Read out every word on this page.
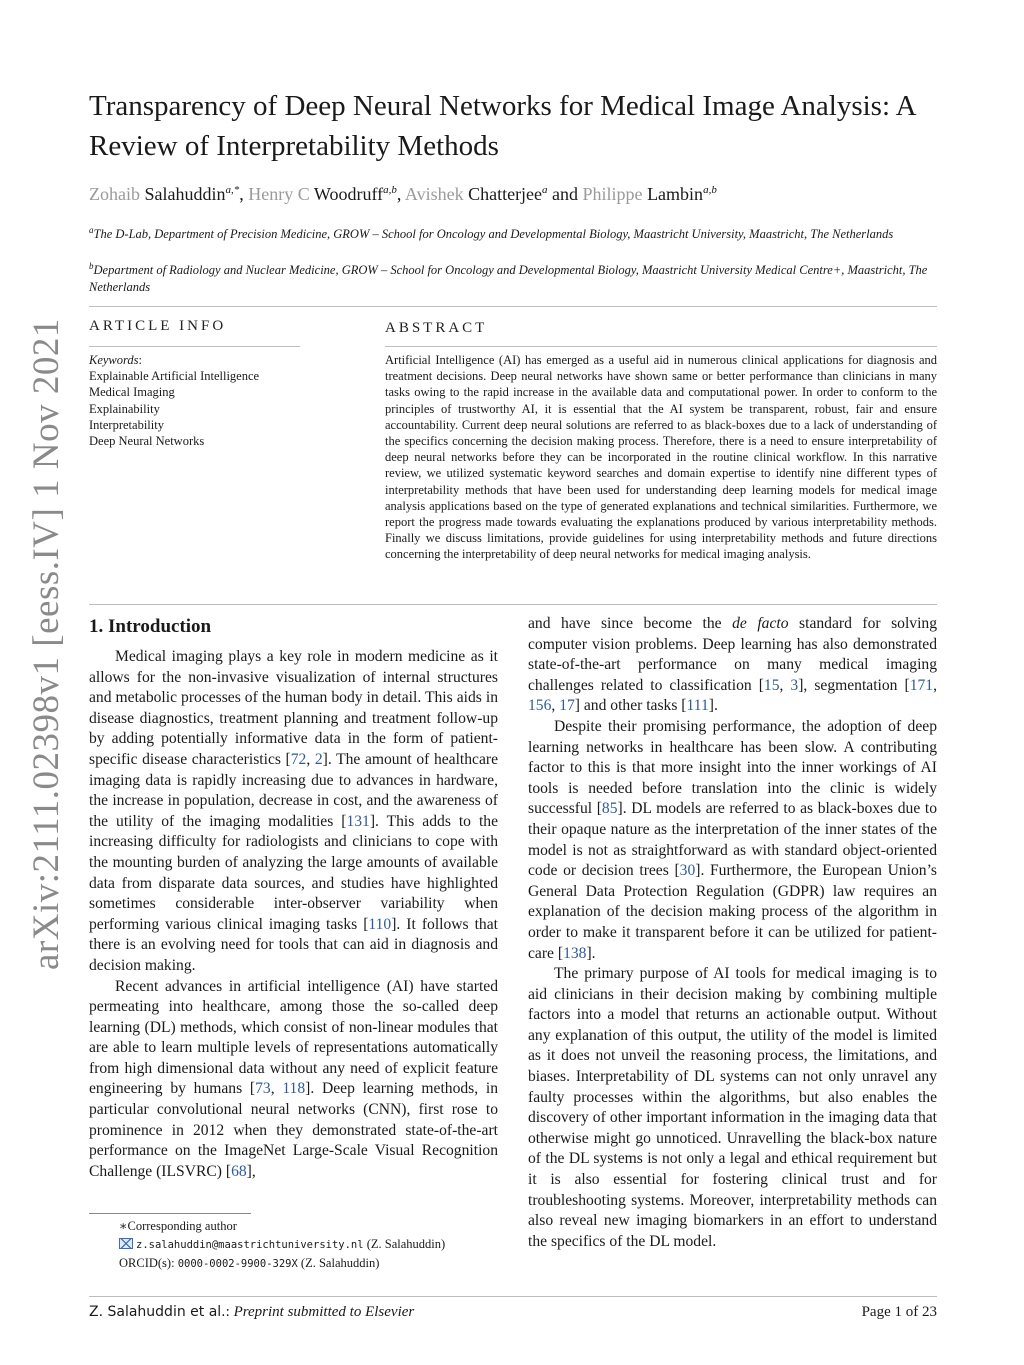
arXiv:2111.02398v1 [eess.IV] 1 Nov 2021
Transparency of Deep Neural Networks for Medical Image Analysis: A Review of Interpretability Methods
Zohaib Salahuddin$^{a,*}$, Henry C Woodruff$^{a,b}$, Avishek Chatterjee$^a$ and Philippe Lambin$^{a,b}$
$^a$The D-Lab, Department of Precision Medicine, GROW – School for Oncology and Developmental Biology, Maastricht University, Maastricht, The Netherlands
$^b$Department of Radiology and Nuclear Medicine, GROW – School for Oncology and Developmental Biology, Maastricht University Medical Centre+, Maastricht, The Netherlands
ARTICLE INFO	ABSTRACT
Keywords:
Explainable Artificial Intelligence
Medical Imaging
Explainability
Interpretability
Deep Neural Networks
Artificial Intelligence (AI) has emerged as a useful aid in numerous clinical applications for diagnosis and treatment decisions. Deep neural networks have shown same or better performance than clinicians in many tasks owing to the rapid increase in the available data and computational power. In order to conform to the principles of trustworthy AI, it is essential that the AI system be transparent, robust, fair and ensure accountability. Current deep neural solutions are referred to as black-boxes due to a lack of understanding of the specifics concerning the decision making process. Therefore, there is a need to ensure interpretability of deep neural networks before they can be incorporated in the routine clinical workflow. In this narrative review, we utilized systematic keyword searches and domain expertise to identify nine different types of interpretability methods that have been used for understanding deep learning models for medical image analysis applications based on the type of generated explanations and technical similarities. Furthermore, we report the progress made towards evaluating the explanations produced by various interpretability methods. Finally we discuss limitations, provide guidelines for using interpretability methods and future directions concerning the interpretability of deep neural networks for medical imaging analysis.
1. Introduction

Medical imaging plays a key role in modern medicine as it allows for the non-invasive visualization of internal structures and metabolic processes of the human body in detail. This aids in disease diagnostics, treatment planning and treatment follow-up by adding potentially informative data in the form of patient-specific disease characteristics [72, 2]. The amount of healthcare imaging data is rapidly increasing due to advances in hardware, the increase in population, decrease in cost, and the awareness of the utility of the imaging modalities [131]. This adds to the increasing difficulty for radiologists and clinicians to cope with the mounting burden of analyzing the large amounts of available data from disparate data sources, and studies have highlighted sometimes considerable inter-observer variability when performing various clinical imaging tasks [110]. It follows that there is an evolving need for tools that can aid in diagnosis and decision making.

Recent advances in artificial intelligence (AI) have started permeating into healthcare, among those the so-called deep learning (DL) methods, which consist of non-linear modules that are able to learn multiple levels of representations automatically from high dimensional data without any need of explicit feature engineering by humans [73, 118]. Deep learning methods, in particular convolutional neural networks (CNN), first rose to prominence in 2012 when they demonstrated state-of-the-art performance on the ImageNet Large-Scale Visual Recognition Challenge (ILSVRC) [68],

and have since become the de facto standard for solving computer vision problems. Deep learning has also demonstrated state-of-the-art performance on many medical imaging challenges related to classification [15, 3], segmentation [171, 156, 17] and other tasks [111].

Despite their promising performance, the adoption of deep learning networks in healthcare has been slow. A contributing factor to this is that more insight into the inner workings of AI tools is needed before translation into the clinic is widely successful [85]. DL models are referred to as black-boxes due to their opaque nature as the interpretation of the inner states of the model is not as straightforward as with standard object-oriented code or decision trees [30]. Furthermore, the European Union’s General Data Protection Regulation (GDPR) law requires an explanation of the decision making process of the algorithm in order to make it transparent before it can be utilized for patient-care [138].

The primary purpose of AI tools for medical imaging is to aid clinicians in their decision making by combining multiple factors into a model that returns an actionable output. Without any explanation of this output, the utility of the model is limited as it does not unveil the reasoning process, the limitations, and biases. Interpretability of DL systems can not only unravel any faulty processes within the algorithms, but also enables the discovery of other important information in the imaging data that otherwise might go unnoticed. Unravelling the black-box nature of the DL systems is not only a legal and ethical requirement but it is also essential for fostering clinical trust and for troubleshooting systems. Moreover, interpretability methods can also reveal new imaging biomarkers in an effort to understand the specifics of the DL model.

∗Corresponding author
z.salahuddin@maastrichtuniversity.nl (Z. Salahuddin)
ORCID(s): 0000-0002-9900-329X (Z. Salahuddin)
Z. Salahuddin et al.: Preprint submitted to Elsevier	Page 1 of 23
